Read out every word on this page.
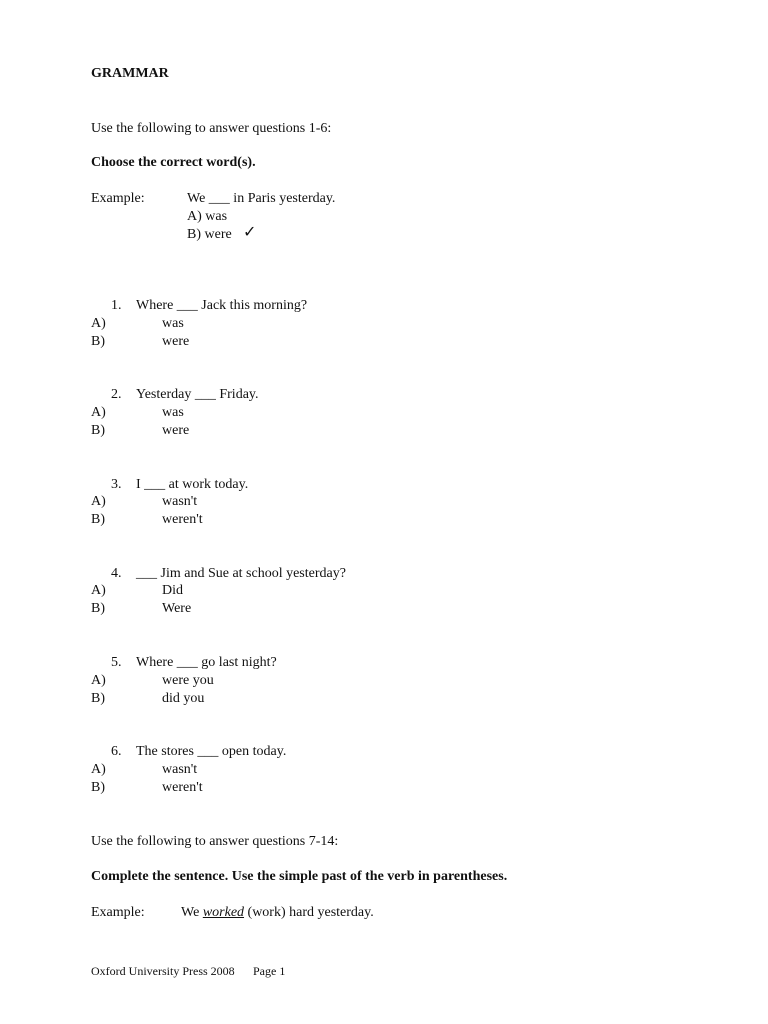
GRAMMAR
Use the following to answer questions 1-6:
Choose the correct word(s).
Example:	We ___ in Paris yesterday.
A) was
B) were ✓
1. Where ___ Jack this morning?
A)	was
B)	were
2. Yesterday ___ Friday.
A)	was
B)	were
3. I ___ at work today.
A)	wasn't
B)	weren't
4. ___ Jim and Sue at school yesterday?
A)	Did
B)	Were
5. Where ___ go last night?
A)	were you
B)	did you
6. The stores ___ open today.
A)	wasn't
B)	weren't
Use the following to answer questions 7-14:
Complete the sentence. Use the simple past of the verb in parentheses.
Example:	We worked (work) hard yesterday.
Oxford University Press 2008 Page 1
